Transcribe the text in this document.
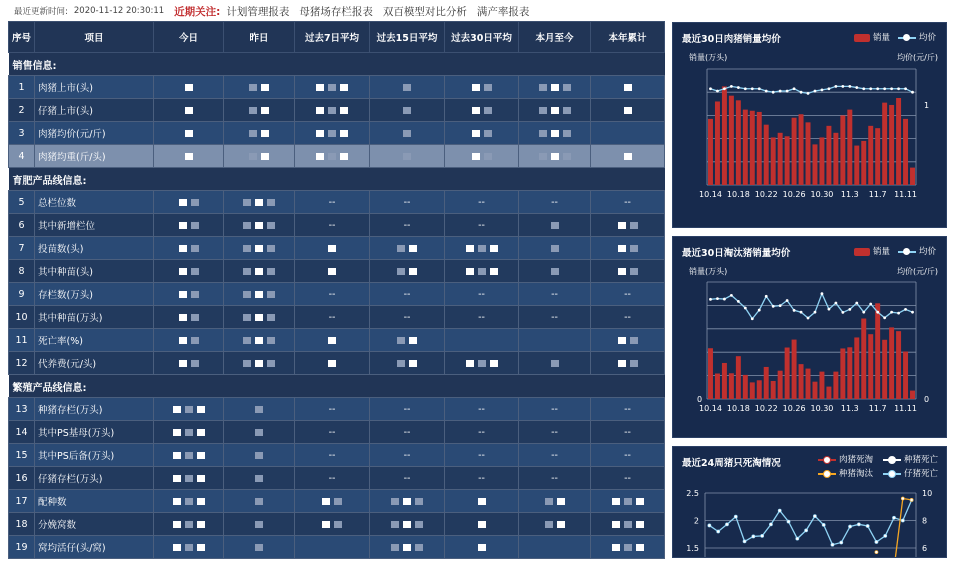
最近更新时间: 2020-11-12 20:30:11 近期关注: 计划管理报表 母猪场存栏报表 双百模型对比分析 满产率报表
序号	项目	今日	昨日	过去7日平均	过去15日平均	过去30日平均	本月至今	本年累计
销售信息:								
1	肉猪上市(头)							
2	仔猪上市(头)							
3	肉猪均价(元/斤)							
4	肉猪均重(斤/头)							
育肥产品线信息:								
5	总栏位数			--	--	--	--	--
6	其中新增栏位			--	--	--		
7	投苗数(头)							
8	其中种苗(头)							
9	存栏数(万头)			--	--	--	--	--
10	其中种苗(万头)			--	--	--	--	--
11	死亡率(%)							
12	代养费(元/头)							
繁殖产品线信息:								
13	种猪存栏(万头)			--	--	--	--	--
14	其中PS基母(万头)			--	--	--	--	--
15	其中PS后备(万头)			--	--	--	--	--
16	仔猪存栏(万头)			--	--	--	--	--
17	配种数							
18	分娩窝数							
19	窝均活仔(头/窝)							
最近30日肉猪销量均价	销量	均价
销量(万头)	均价(元/斤)
10.14 10.18 10.22 10.26 10.30 11.3 11.7 11.11
1
最近30日淘汰猪销量均价	销量	均价
销量(万头)	均价(元/斤)
10.14 10.18 10.22 10.26 10.30 11.3 11.7 11.11
0
0
最近24周猪只死淘情况	肉猪死淘	种猪死亡
种猪淘汰	仔猪死亡
2.5
2
1.5	6
8
10
